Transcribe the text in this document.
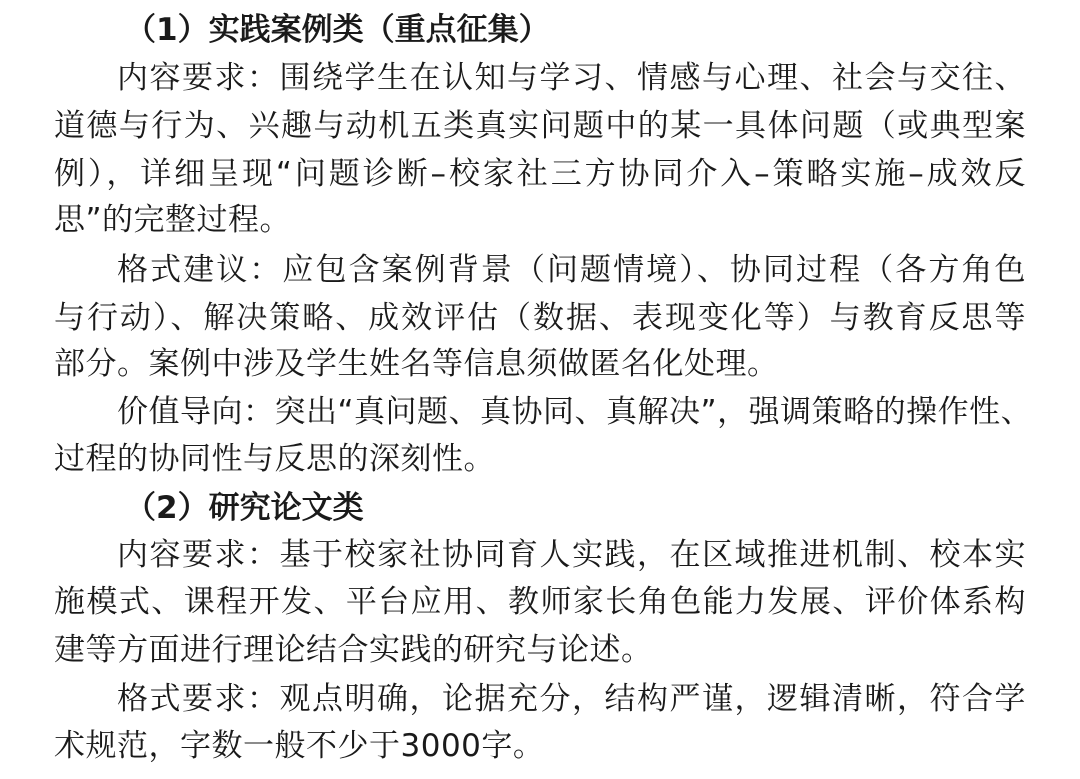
（1）实践案例类（重点征集）
内容要求：围绕学生在认知与学习、情感与心理、社会与交往、
道德与行为、兴趣与动机五类真实问题中的某一具体问题（或典型案
例），详细呈现“问题诊断–校家社三方协同介入–策略实施–成效反
思”的完整过程。
格式建议：应包含案例背景（问题情境）、协同过程（各方角色
与行动）、解决策略、成效评估（数据、表现变化等）与教育反思等
部分。案例中涉及学生姓名等信息须做匿名化处理。
价值导向：突出“真问题、真协同、真解决”，强调策略的操作性、
过程的协同性与反思的深刻性。
（2）研究论文类
内容要求：基于校家社协同育人实践，在区域推进机制、校本实
施模式、课程开发、平台应用、教师家长角色能力发展、评价体系构
建等方面进行理论结合实践的研究与论述。
格式要求：观点明确，论据充分，结构严谨，逻辑清晰，符合学
术规范，字数一般不少于3000字。
